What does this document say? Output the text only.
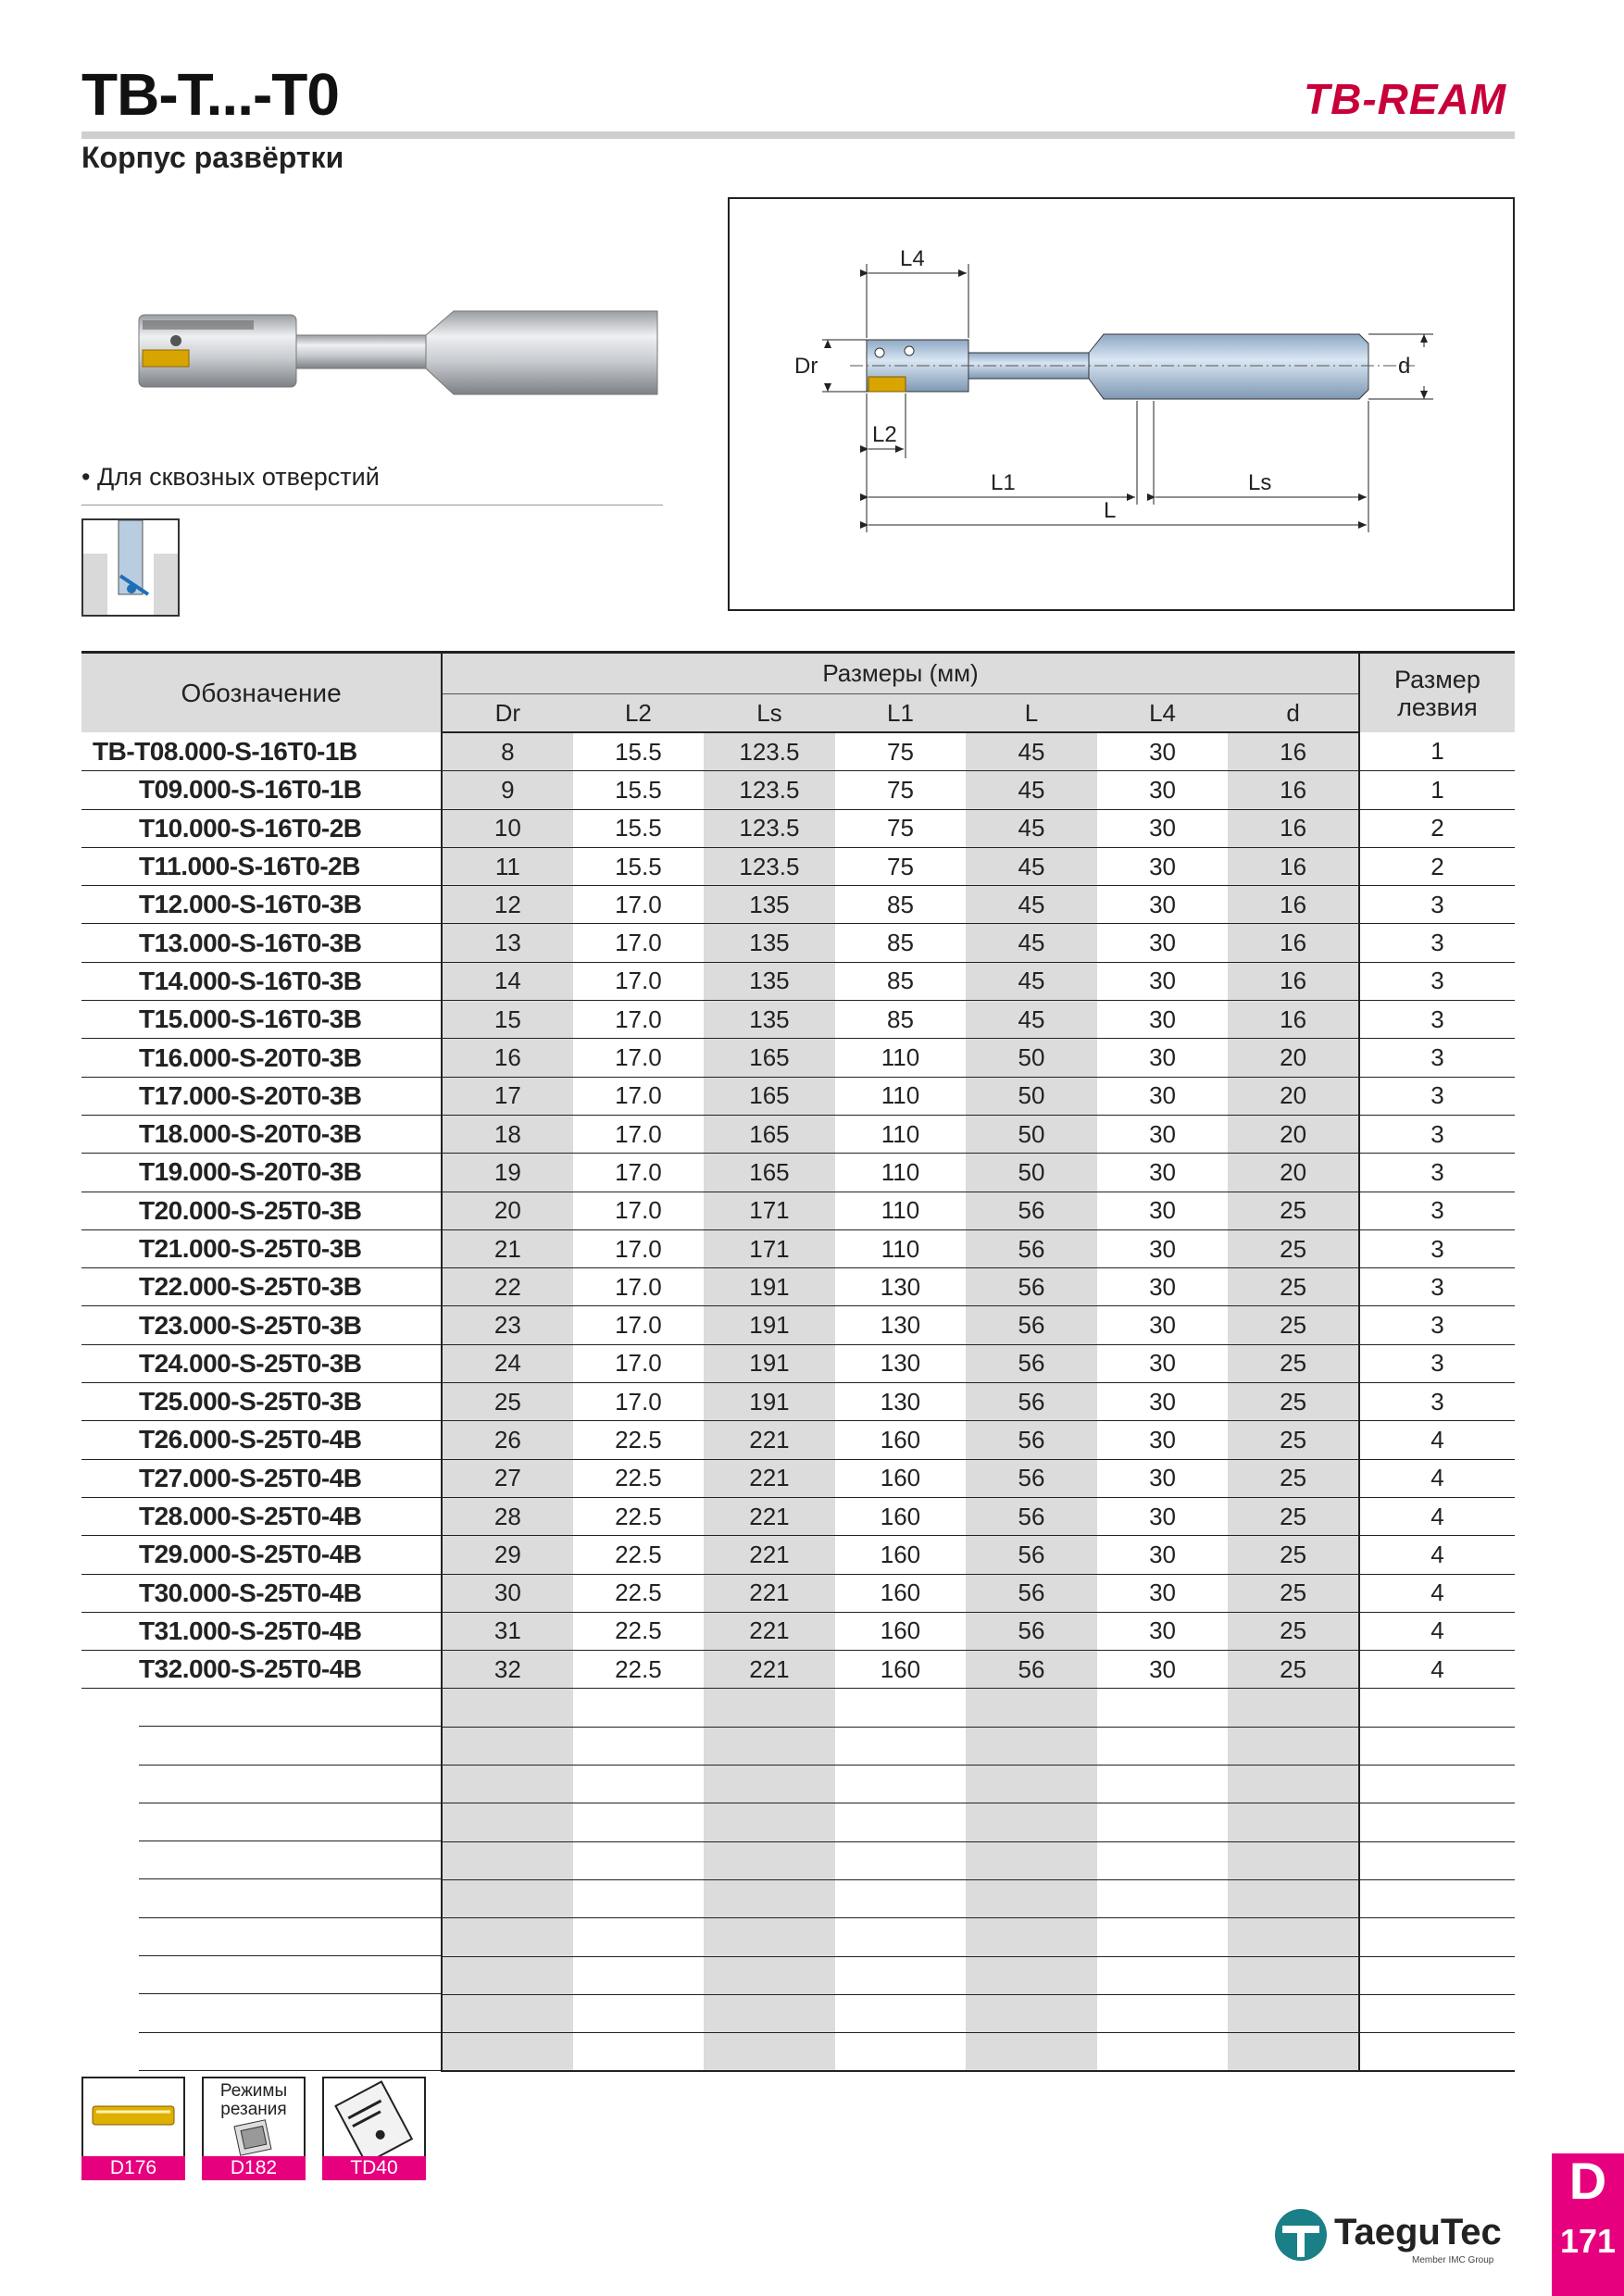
TB-T...-T0
Корпус развёртки
TB-REAM
• Для сквозных отверстий
Dr	d
L4
L2
L1	Ls
L
Обозначение	Размеры (мм)							Размер лезвия
	Dr	L2	Ls	L1	L	L4	d	
TB-T08.000-S-16T0-1B	8	15.5	123.5	75	45	30	16	1
T09.000-S-16T0-1B	9	15.5	123.5	75	45	30	16	1
T10.000-S-16T0-2B	10	15.5	123.5	75	45	30	16	2
T11.000-S-16T0-2B	11	15.5	123.5	75	45	30	16	2
T12.000-S-16T0-3B	12	17.0	135	85	45	30	16	3
T13.000-S-16T0-3B	13	17.0	135	85	45	30	16	3
T14.000-S-16T0-3B	14	17.0	135	85	45	30	16	3
T15.000-S-16T0-3B	15	17.0	135	85	45	30	16	3
T16.000-S-20T0-3B	16	17.0	165	110	50	30	20	3
T17.000-S-20T0-3B	17	17.0	165	110	50	30	20	3
T18.000-S-20T0-3B	18	17.0	165	110	50	30	20	3
T19.000-S-20T0-3B	19	17.0	165	110	50	30	20	3
T20.000-S-25T0-3B	20	17.0	171	110	56	30	25	3
T21.000-S-25T0-3B	21	17.0	171	110	56	30	25	3
T22.000-S-25T0-3B	22	17.0	191	130	56	30	25	3
T23.000-S-25T0-3B	23	17.0	191	130	56	30	25	3
T24.000-S-25T0-3B	24	17.0	191	130	56	30	25	3
T25.000-S-25T0-3B	25	17.0	191	130	56	30	25	3
T26.000-S-25T0-4B	26	22.5	221	160	56	30	25	4
T27.000-S-25T0-4B	27	22.5	221	160	56	30	25	4
T28.000-S-25T0-4B	28	22.5	221	160	56	30	25	4
T29.000-S-25T0-4B	29	22.5	221	160	56	30	25	4
T30.000-S-25T0-4B	30	22.5	221	160	56	30	25	4
T31.000-S-25T0-4B	31	22.5	221	160	56	30	25	4
T32.000-S-25T0-4B	32	22.5	221	160	56	30	25	4

D176
Режимы резания
D182	TD40
TaeguTec
Member IMC Group
D
171
